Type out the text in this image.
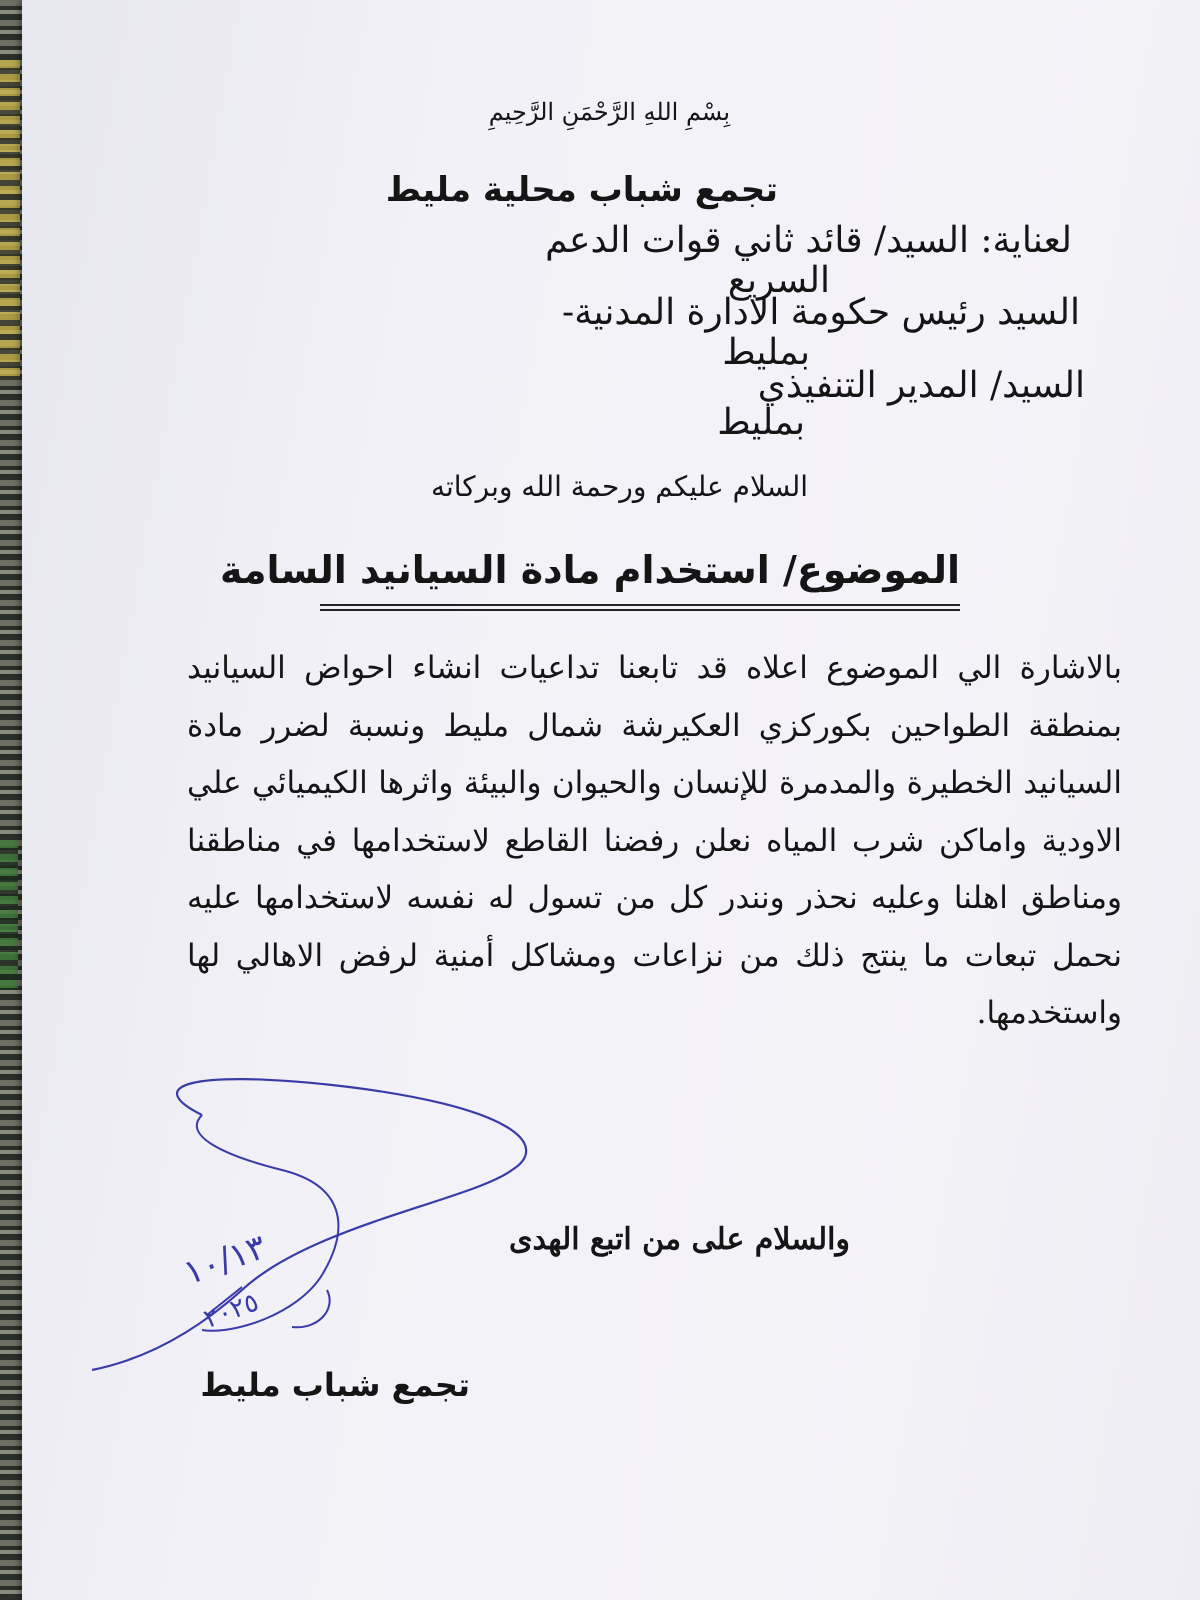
بِسْمِ اللهِ الرَّحْمَنِ الرَّحِيمِ
تجمع شباب محلية مليط
لعناية: السيد/ قائد ثاني قوات الدعم
السريع
السيد رئيس حكومة الادارة المدنية-
بمليط
السيد/ المدير التنفيذي
بمليط
السلام عليكم ورحمة الله وبركاته
الموضوع/ استخدام مادة السيانيد السامة
بالاشارة الي الموضوع اعلاه قد تابعنا تداعيات انشاء احواض السيانيد بمنطقة الطواحين بكوركزي العكيرشة شمال مليط ونسبة لضرر مادة السيانيد الخطيرة والمدمرة للإنسان والحيوان والبيئة واثرها الكيميائي علي الاودية واماكن شرب المياه نعلن رفضنا القاطع لاستخدامها في مناطقنا ومناطق اهلنا وعليه نحذر ونندر كل من تسول له نفسه لاستخدامها عليه نحمل تبعات ما ينتج ذلك من نزاعات ومشاكل أمنية لرفض الاهالي لها واستخدمها.
والسلام على من اتبع الهدى
١٠/١٣
٢٠٢٥
تجمع شباب مليط
